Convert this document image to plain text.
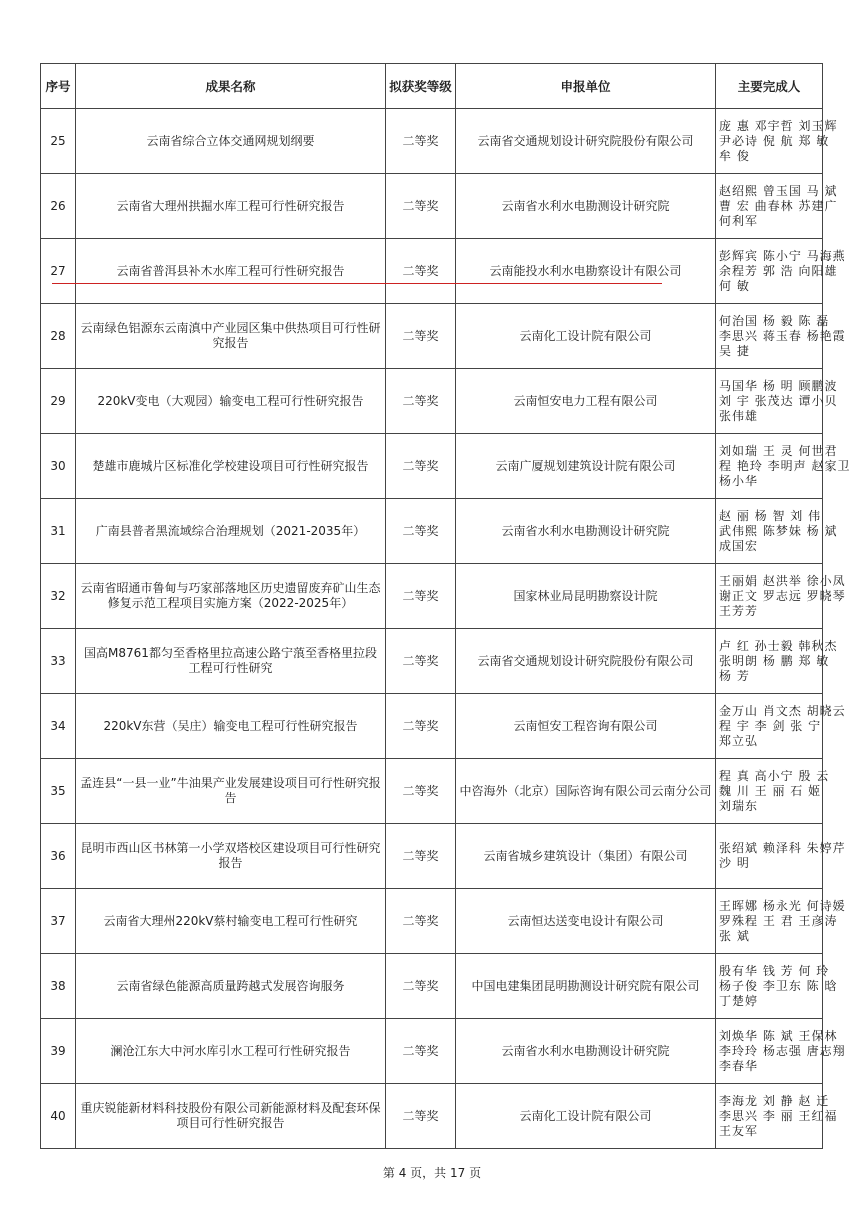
序号	成果名称	拟获奖等级	申报单位	主要完成人
25	云南省综合立体交通网规划纲要	二等奖	云南省交通规划设计研究院股份有限公司	庞 惠 邓宇哲 刘玉辉
尹必诗 倪 航 郑 敏
牟 俊

26	云南省大理州拱掘水库工程可行性研究报告	二等奖	云南省水利水电勘测设计研究院	赵绍熙 曾玉国 马 斌
曹 宏 曲春林 苏建广
何利军

27	云南省普洱县补木水库工程可行性研究报告	二等奖	云南能投水利水电勘察设计有限公司	彭辉宾 陈小宁 马海燕
余程芳 郭 浩 向阳雄
何 敏

28	云南绿色铝源东云南滇中产业园区集中供热项目可行性研究报告	二等奖	云南化工设计院有限公司	何治国 杨 毅 陈 磊
李思兴 蒋玉春 杨艳霞
吴 捷

29	220kV变电（大观园）输变电工程可行性研究报告	二等奖	云南恒安电力工程有限公司	马国华 杨 明 顾鹏波
刘 宇 张茂达 谭小贝
张伟雄

30	楚雄市鹿城片区标准化学校建设项目可行性研究报告	二等奖	云南广厦规划建筑设计院有限公司	刘如瑞 王 灵 何世君
程 艳玲 李明声 赵家卫
杨小华

31	广南县普者黑流域综合治理规划（2021-2035年）	二等奖	云南省水利水电勘测设计研究院	赵 丽 杨 智 刘 伟
武伟熙 陈梦妹 杨 斌
成国宏

32	云南省昭通市鲁甸与巧家部落地区历史遗留废弃矿山生态修复示范工程项目实施方案（2022-2025年）	二等奖	国家林业局昆明勘察设计院	王丽娟 赵洪举 徐小凤
谢正文 罗志远 罗晓琴
王芳芳

33	国高M8761都匀至香格里拉高速公路宁蒗至香格里拉段工程可行性研究	二等奖	云南省交通规划设计研究院股份有限公司	卢 红 孙士毅 韩秋杰
张明朗 杨 鹏 郑 敏
杨 芳

34	220kV东营（吴庄）输变电工程可行性研究报告	二等奖	云南恒安工程咨询有限公司	金万山 肖文杰 胡晓云
程 宇 李 剑 张 宁
郑立弘

35	孟连县“一县一业”牛油果产业发展建设项目可行性研究报告	二等奖	中咨海外（北京）国际咨询有限公司云南分公司	程 真 高小宁 殷 云
魏 川 王 丽 石 姬
刘瑞东

36	昆明市西山区书林第一小学双塔校区建设项目可行性研究报告	二等奖	云南省城乡建筑设计（集团）有限公司	张绍斌 赖泽科 朱婷芹
沙 明

37	云南省大理州220kV蔡村输变电工程可行性研究	二等奖	云南恒达送变电设计有限公司	王晖娜 杨永光 何诗媛
罗殊程 王 君 王彦涛
张 斌

38	云南省绿色能源高质量跨越式发展咨询服务	二等奖	中国电建集团昆明勘测设计研究院有限公司	殷有华 钱 芳 何 玲
杨子俊 李卫东 陈 晗
丁楚婷

39	澜沧江东大中河水库引水工程可行性研究报告	二等奖	云南省水利水电勘测设计研究院	刘焕华 陈 斌 王保林
李玲玲 杨志强 唐志翔
李春华

40	重庆锐能新材料科技股份有限公司新能源材料及配套环保项目可行性研究报告	二等奖	云南化工设计院有限公司	李海龙 刘 静 赵 迁
李思兴 李 丽 王红福
王友军
第 4 页，共 17 页
